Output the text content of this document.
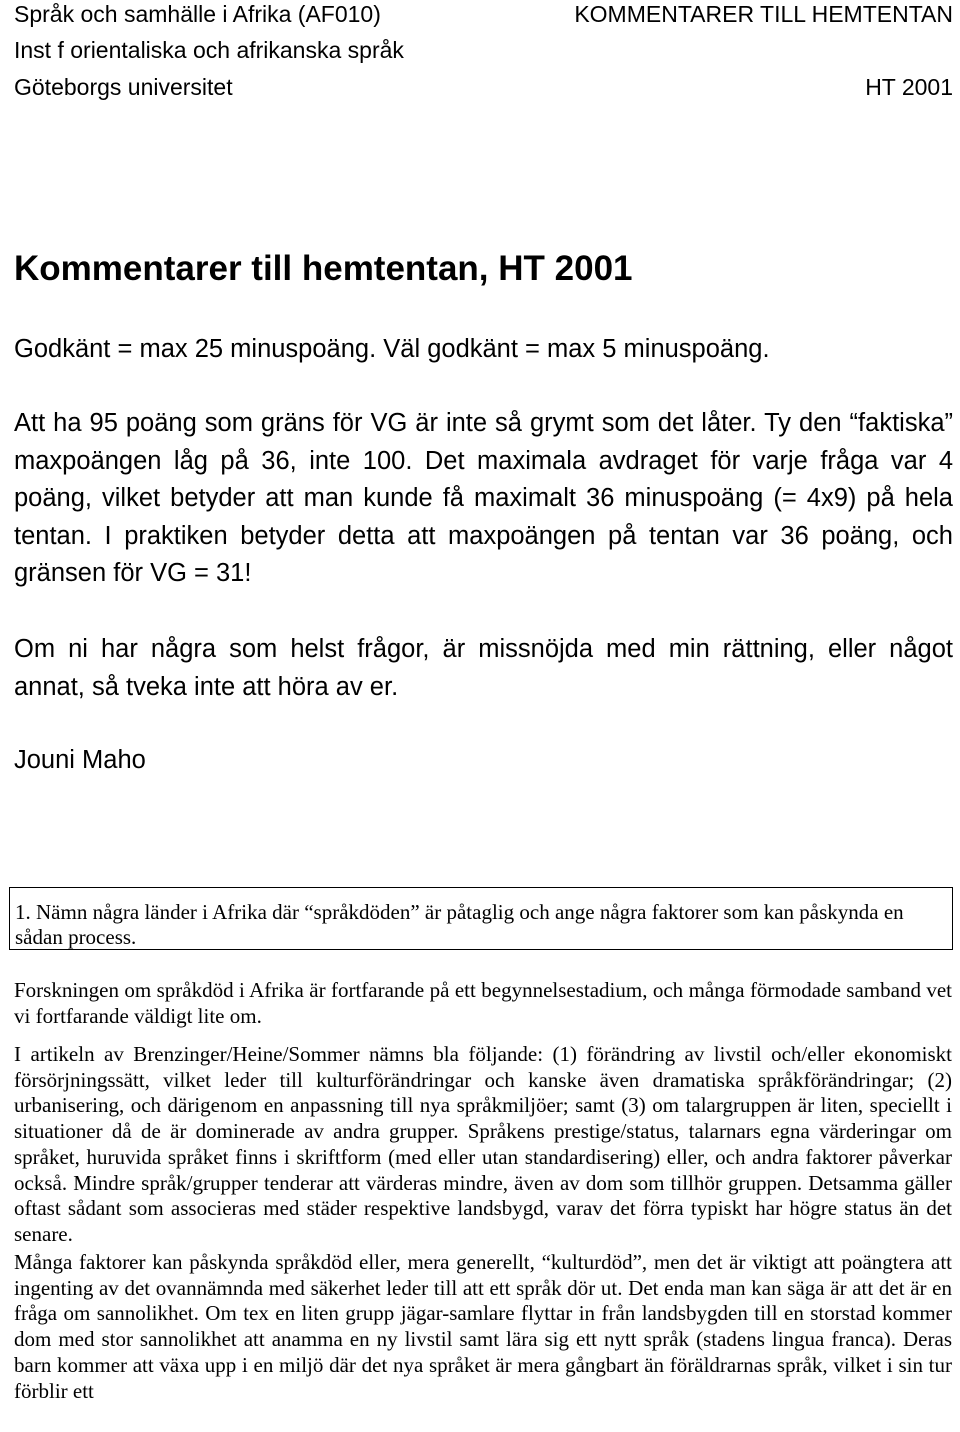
Språk och samhälle i Afrika (AF010)
Inst f orientaliska och afrikanska språk
Göteborgs universitet
KOMMENTARER TILL HEMTENTAN
HT 2001
Kommentarer till hemtentan, HT 2001
Godkänt = max 25 minuspoäng. Väl godkänt = max 5 minuspoäng.
Att ha 95 poäng som gräns för VG är inte så grymt som det låter. Ty den “faktiska” maxpoängen låg på 36, inte 100. Det maximala avdraget för varje fråga var 4 poäng, vilket betyder att man kunde få maximalt 36 minuspoäng (= 4x9) på hela tentan. I praktiken betyder detta att maxpoängen på tentan var 36 poäng, och gränsen för VG = 31!
Om ni har några som helst frågor, är missnöjda med min rättning, eller något annat, så tveka inte att höra av er.
Jouni Maho
1. Nämn några länder i Afrika där “språkdöden” är påtaglig och ange några faktorer som kan påskynda en sådan process.
Forskningen om språkdöd i Afrika är fortfarande på ett begynnelsestadium, och många förmodade samband vet vi fortfarande väldigt lite om.
I artikeln av Brenzinger/Heine/Sommer nämns bla följande: (1) förändring av livstil och/eller ekonomiskt försörjningssätt, vilket leder till kulturförändringar och kanske även dramatiska språkförändringar; (2) urbanisering, och därigenom en anpassning till nya språkmiljöer; samt (3) om talargruppen är liten, speciellt i situationer då de är dominerade av andra grupper. Språkens prestige/status, talarnars egna värderingar om språket, huruvida språket finns i skriftform (med eller utan standardisering) eller, och andra faktorer påverkar också. Mindre språk/grupper tenderar att värderas mindre, även av dom som tillhör gruppen. Detsamma gäller oftast sådant som associeras med städer respektive landsbygd, varav det förra typiskt har högre status än det senare.
Många faktorer kan påskynda språkdöd eller, mera generellt, “kulturdöd”, men det är viktigt att poängtera att ingenting av det ovannämnda med säkerhet leder till att ett språk dör ut. Det enda man kan säga är att det är en fråga om sannolikhet. Om tex en liten grupp jägar-samlare flyttar in från landsbygden till en storstad kommer dom med stor sannolikhet att anamma en ny livstil samt lära sig ett nytt språk (stadens lingua franca). Deras barn kommer att växa upp i en miljö där det nya språket är mera gångbart än föräldrarnas språk, vilket i sin tur förblir ett
